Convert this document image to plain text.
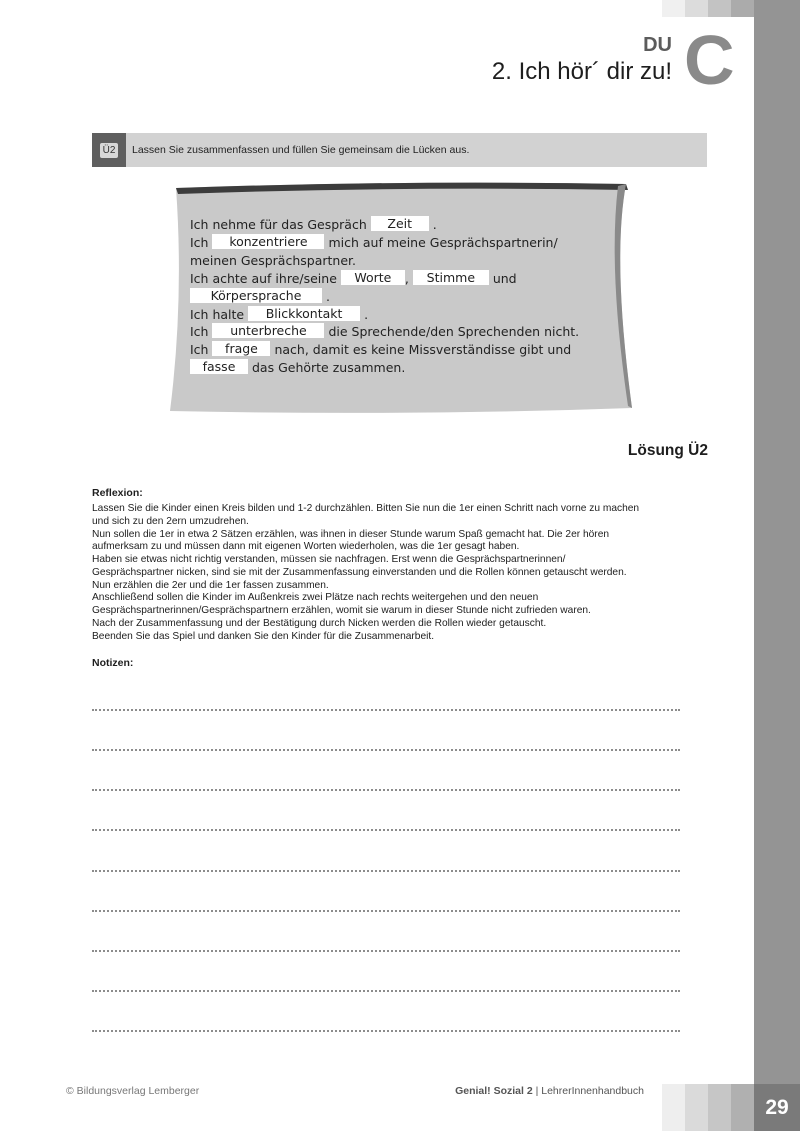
29
DU C
2. Ich hör´ dir zu!
Ü2 Lassen Sie zusammenfassen und füllen Sie gemeinsam die Lücken aus.
Ich nehme für das Gespräch Zeit .
Ich konzentriere mich auf meine Gesprächspartnerin/
meinen Gesprächspartner.
Ich achte auf ihre/seine Worte , Stimme und
Körpersprache .
Ich halte Blickkontakt .
Ich unterbreche die Sprechende/den Sprechenden nicht.
Ich frage nach, damit es keine Missverständisse gibt und
fasse das Gehörte zusammen.
Lösung Ü2
Reflexion:

Lassen Sie die Kinder einen Kreis bilden und 1-2 durchzählen. Bitten Sie nun die 1er einen Schritt nach vorne zu machen

und sich zu den 2ern umzudrehen.

Nun sollen die 1er in etwa 2 Sätzen erzählen, was ihnen in dieser Stunde warum Spaß gemacht hat. Die 2er hören

aufmerksam zu und müssen dann mit eigenen Worten wiederholen, was die 1er gesagt haben.

Haben sie etwas nicht richtig verstanden, müssen sie nachfragen. Erst wenn die Gesprächspartnerinnen/

Gesprächspartner nicken, sind sie mit der Zusammenfassung einverstanden und die Rollen können getauscht werden.

Nun erzählen die 2er und die 1er fassen zusammen.

Anschließend sollen die Kinder im Außenkreis zwei Plätze nach rechts weitergehen und den neuen

Gesprächspartnerinnen/Gesprächspartnern erzählen, womit sie warum in dieser Stunde nicht zufrieden waren.

Nach der Zusammenfassung und der Bestätigung durch Nicken werden die Rollen wieder getauscht.

Beenden Sie das Spiel und danken Sie den Kinder für die Zusammenarbeit.

Notizen:
© Bildungsverlag Lemberger	Genial! Sozial 2 | LehrerInnenhandbuch
